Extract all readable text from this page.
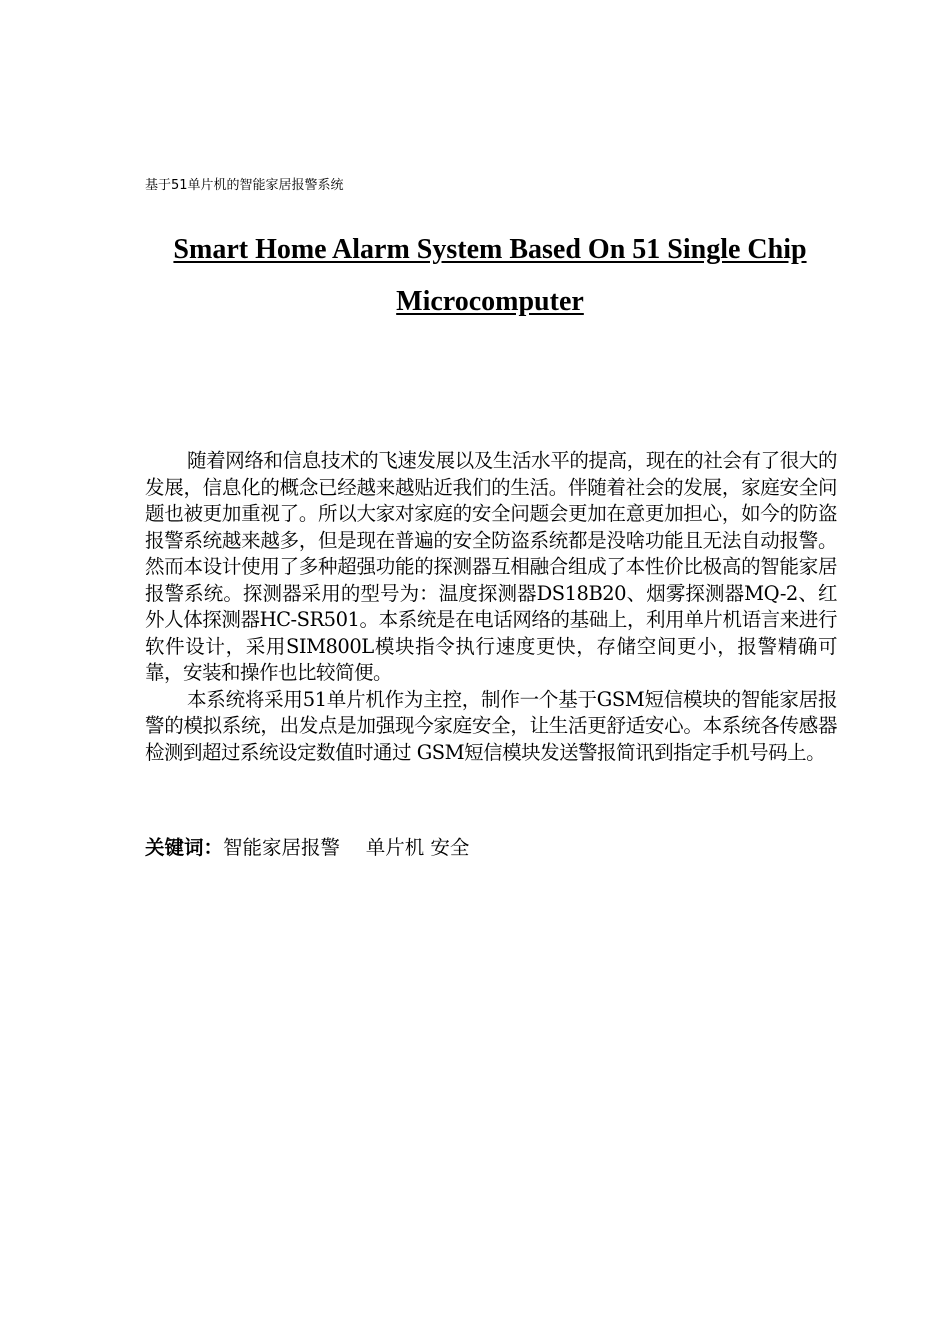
基于51单片机的智能家居报警系统
Smart Home Alarm System Based On 51 Single Chip
Microcomputer

随着网络和信息技术的飞速发展以及生活水平的提高，现在的社会有了很大的发展，信息化的概念已经越来越贴近我们的生活。伴随着社会的发展，家庭安全问题也被更加重视了。所以大家对家庭的安全问题会更加在意更加担心，如今的防盗报警系统越来越多，但是现在普遍的安全防盗系统都是没啥功能且无法自动报警。然而本设计使用了多种超强功能的探测器互相融合组成了本性价比极高的智能家居报警系统。探测器采用的型号为：温度探测器DS18B20、烟雾探测器MQ-2、红外人体探测器HC-SR501。本系统是在电话网络的基础上，利用单片机语言来进行软件设计，采用SIM800L模块指令执行速度更快，存储空间更小，报警精确可靠，安装和操作也比较简便。

本系统将采用51单片机作为主控，制作一个基于GSM短信模块的智能家居报警的模拟系统，出发点是加强现今家庭安全，让生活更舒适安心。本系统各传感器检测到超过系统设定数值时通过 GSM短信模块发送警报简讯到指定手机号码上。

关键词：智能家居报警　 单片机 安全
